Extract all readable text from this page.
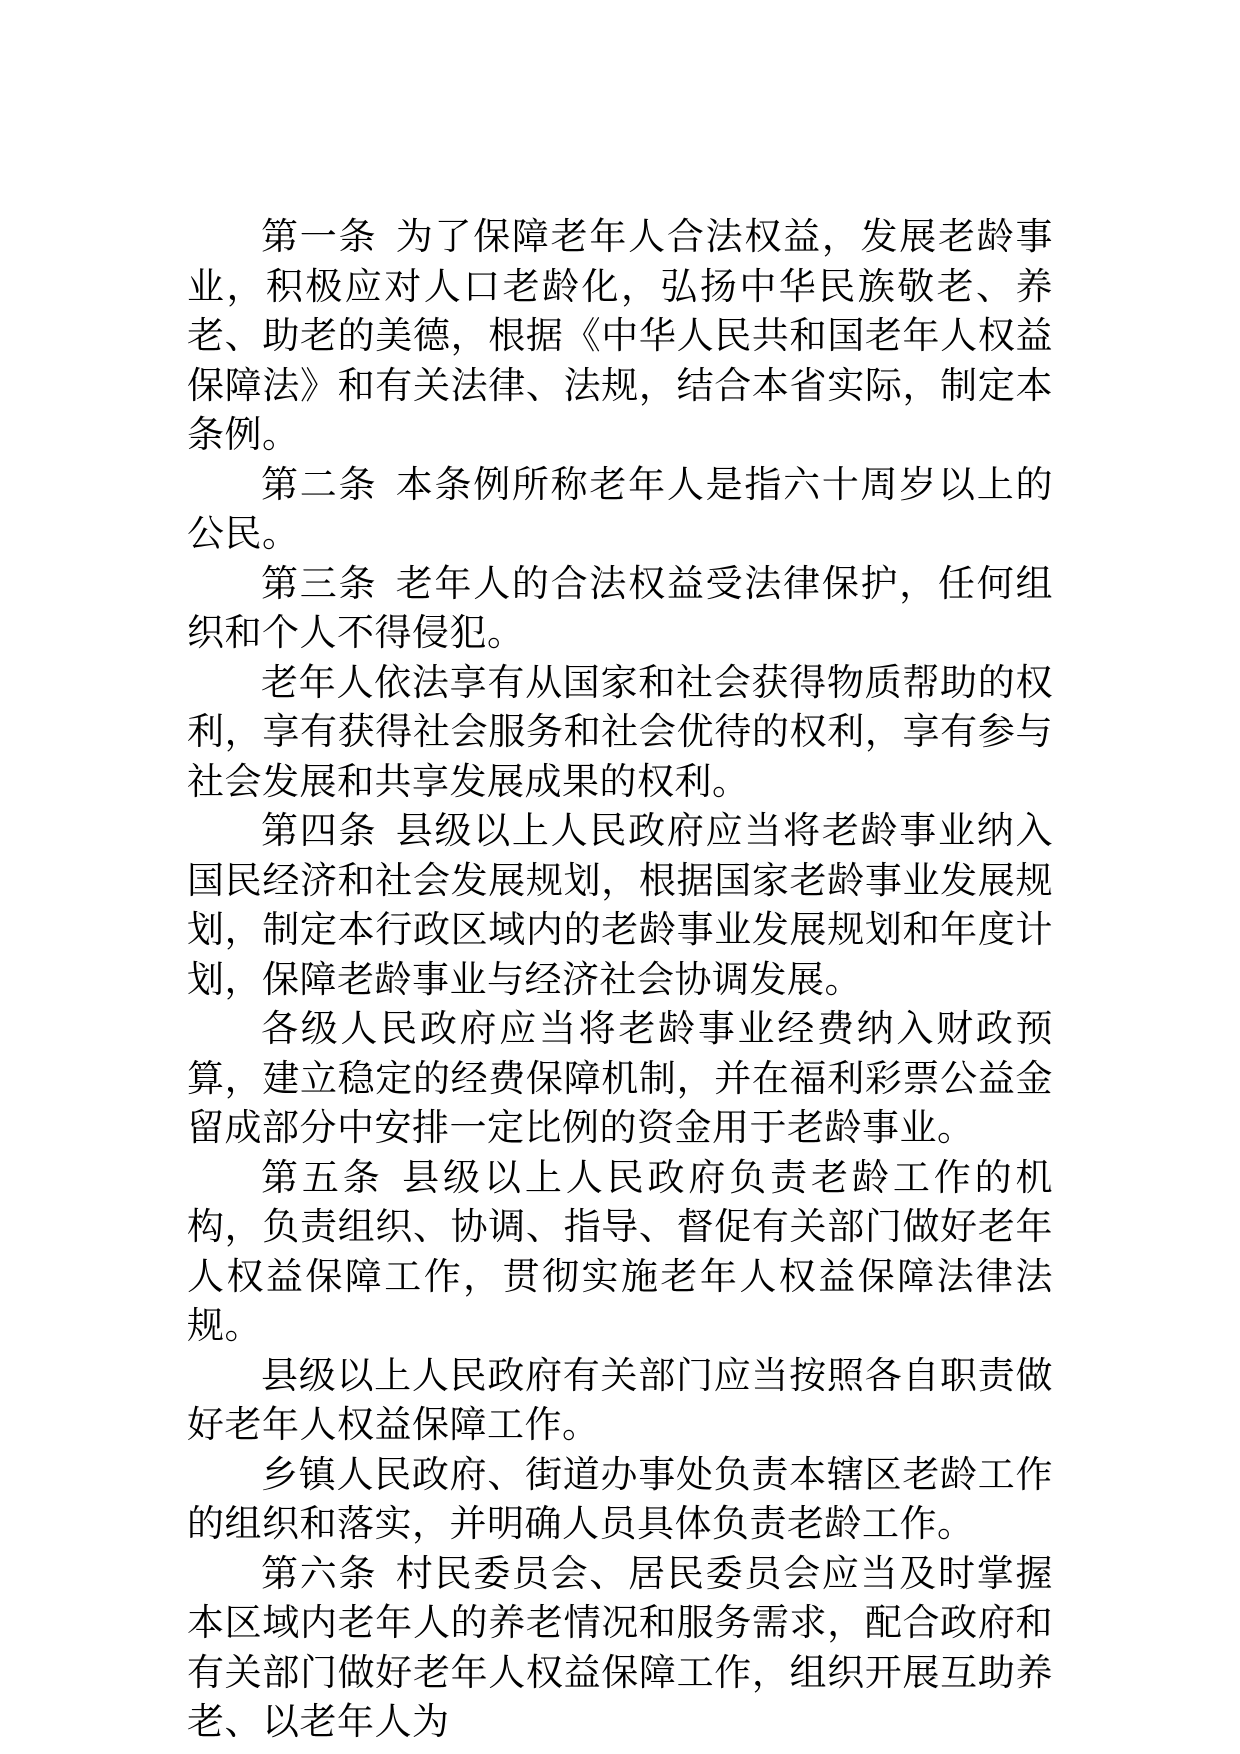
第一条 为了保障老年人合法权益，发展老龄事业，积极应对人口老龄化，弘扬中华民族敬老、养老、助老的美德，根据《中华人民共和国老年人权益保障法》和有关法律、法规，结合本省实际，制定本条例。

第二条 本条例所称老年人是指六十周岁以上的公民。

第三条 老年人的合法权益受法律保护，任何组织和个人不得侵犯。

老年人依法享有从国家和社会获得物质帮助的权利，享有获得社会服务和社会优待的权利，享有参与社会发展和共享发展成果的权利。

第四条 县级以上人民政府应当将老龄事业纳入国民经济和社会发展规划，根据国家老龄事业发展规划，制定本行政区域内的老龄事业发展规划和年度计划，保障老龄事业与经济社会协调发展。

各级人民政府应当将老龄事业经费纳入财政预算，建立稳定的经费保障机制，并在福利彩票公益金留成部分中安排一定比例的资金用于老龄事业。

第五条 县级以上人民政府负责老龄工作的机构，负责组织、协调、指导、督促有关部门做好老年人权益保障工作，贯彻实施老年人权益保障法律法规。

县级以上人民政府有关部门应当按照各自职责做好老年人权益保障工作。

乡镇人民政府、街道办事处负责本辖区老龄工作的组织和落实，并明确人员具体负责老龄工作。

第六条 村民委员会、居民委员会应当及时掌握本区域内老年人的养老情况和服务需求，配合政府和有关部门做好老年人权益保障工作，组织开展互助养老、以老年人为
